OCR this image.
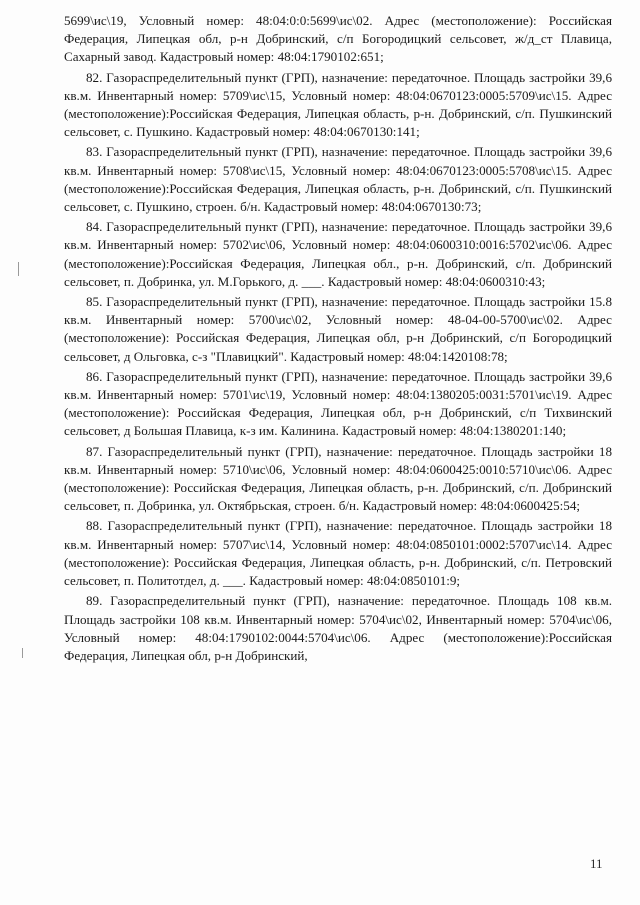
5699\ис\19, Условный номер: 48:04:0:0:5699\ис\02. Адрес (местоположение): Российская Федерация, Липецкая обл, р-н Добринский, с/п Богородицкий сельсовет, ж/д_ст Плавица, Сахарный завод. Кадастровый номер: 48:04:1790102:651;

82. Газораспределительный пункт (ГРП), назначение: передаточное. Площадь застройки 39,6 кв.м. Инвентарный номер: 5709\ис\15, Условный номер: 48:04:0670123:0005:5709\ис\15. Адрес (местоположение):Российская Федерация, Липецкая область, р-н. Добринский, с/п. Пушкинский сельсовет, с. Пушкино. Кадастровый номер: 48:04:0670130:141;

83. Газораспределительный пункт (ГРП), назначение: передаточное. Площадь застройки 39,6 кв.м. Инвентарный номер: 5708\ис\15, Условный номер: 48:04:0670123:0005:5708\ис\15. Адрес (местоположение):Российская Федерация, Липецкая область, р-н. Добринский, с/п. Пушкинский сельсовет, с. Пушкино, строен. б/н. Кадастровый номер: 48:04:0670130:73;

84. Газораспределительный пункт (ГРП), назначение: передаточное. Площадь застройки 39,6 кв.м. Инвентарный номер: 5702\ис\06, Условный номер: 48:04:0600310:0016:5702\ис\06. Адрес (местоположение):Российская Федерация, Липецкая обл., р-н. Добринский, с/п. Добринский сельсовет, п. Добринка, ул. М.Горького, д. ___. Кадастровый номер: 48:04:0600310:43;

85. Газораспределительный пункт (ГРП), назначение: передаточное. Площадь застройки 15.8 кв.м. Инвентарный номер: 5700\ис\02, Условный номер: 48-04-00-5700\ис\02. Адрес (местоположение): Российская Федерация, Липецкая обл, р-н Добринский, с/п Богородицкий сельсовет, д Ольговка, с-з "Плавицкий". Кадастровый номер: 48:04:1420108:78;

86. Газораспределительный пункт (ГРП), назначение: передаточное. Площадь застройки 39,6 кв.м. Инвентарный номер: 5701\ис\19, Условный номер: 48:04:1380205:0031:5701\ис\19. Адрес (местоположение): Российская Федерация, Липецкая обл, р-н Добринский, с/п Тихвинский сельсовет, д Большая Плавица, к-з им. Калинина. Кадастровый номер: 48:04:1380201:140;

87. Газораспределительный пункт (ГРП), назначение: передаточное. Площадь застройки 18 кв.м. Инвентарный номер: 5710\ис\06, Условный номер: 48:04:0600425:0010:5710\ис\06. Адрес (местоположение): Российская Федерация, Липецкая область, р-н. Добринский, с/п. Добринский сельсовет, п. Добринка, ул. Октябрьская, строен. б/н. Кадастровый номер: 48:04:0600425:54;

88. Газораспределительный пункт (ГРП), назначение: передаточное. Площадь застройки 18 кв.м. Инвентарный номер: 5707\ис\14, Условный номер: 48:04:0850101:0002:5707\ис\14. Адрес (местоположение): Российская Федерация, Липецкая область, р-н. Добринский, с/п. Петровский сельсовет, п. Политотдел, д. ___. Кадастровый номер: 48:04:0850101:9;

89. Газораспределительный пункт (ГРП), назначение: передаточное. Площадь 108 кв.м. Площадь застройки 108 кв.м. Инвентарный номер: 5704\ис\02, Инвентарный номер: 5704\ис\06, Условный номер: 48:04:1790102:0044:5704\ис\06. Адрес (местоположение):Российская Федерация, Липецкая обл, р-н Добринский,

11
